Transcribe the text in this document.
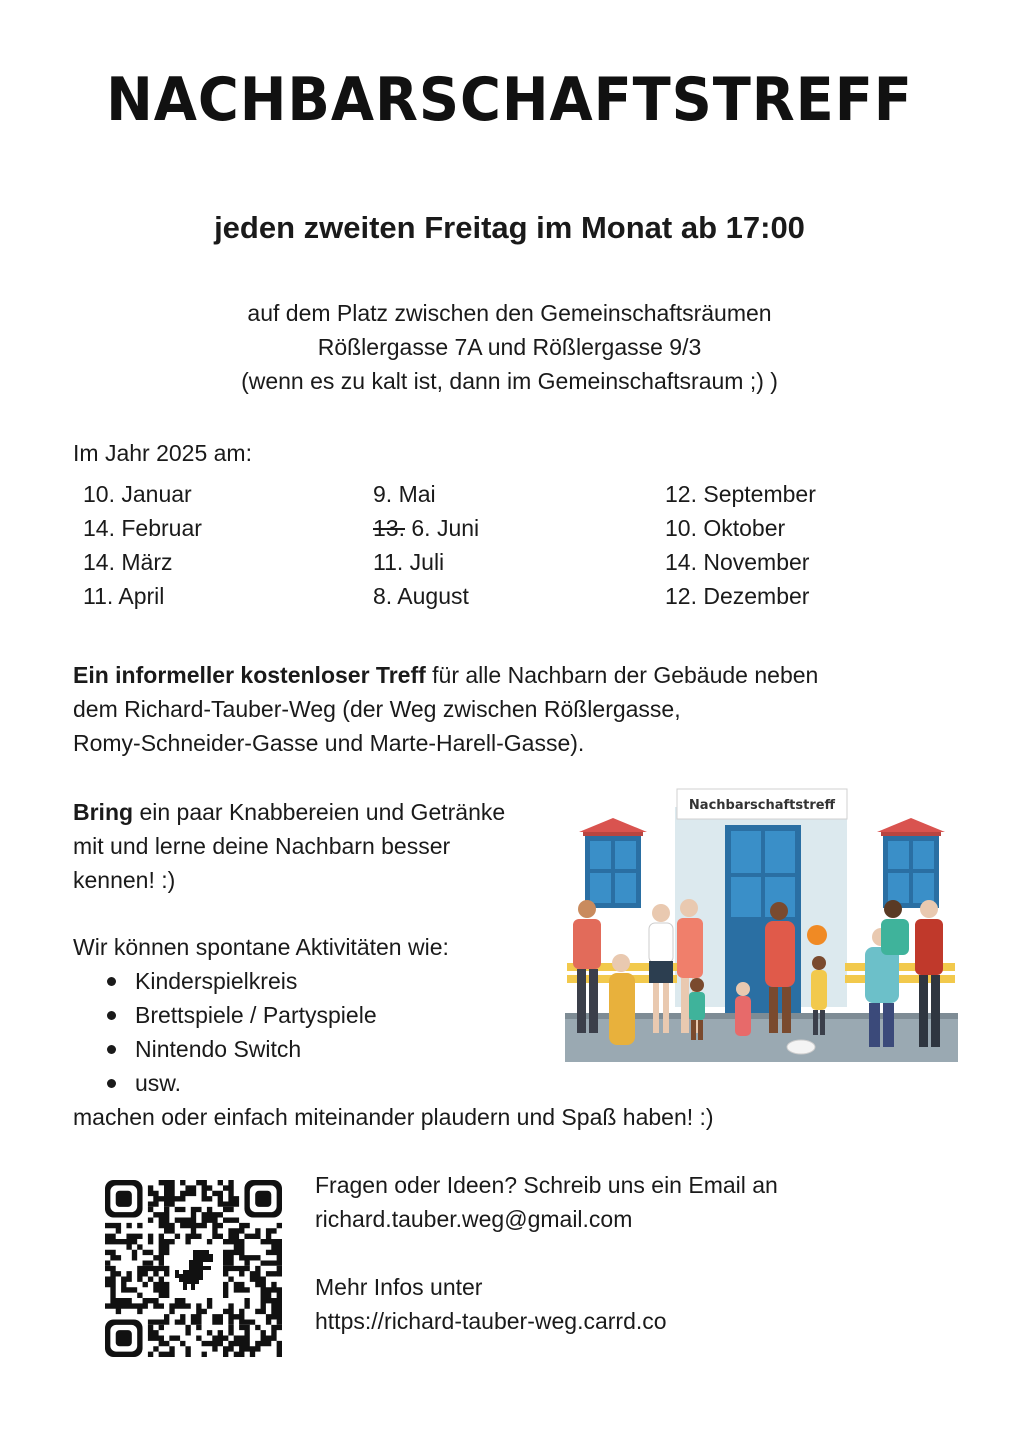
NACHBARSCHAFTSTREFF
jeden zweiten Freitag im Monat ab 17:00
auf dem Platz zwischen den Gemeinschaftsräumen
Rößlergasse 7A und Rößlergasse 9/3
(wenn es zu kalt ist, dann im Gemeinschaftsraum ;) )
Im Jahr 2025 am:
10. Januar
14. Februar
14. März
11. April
9. Mai
13. 6. Juni
11. Juli
8. August
12. September
10. Oktober
14. November
12. Dezember
Ein informeller kostenloser Treff für alle Nachbarn der Gebäude neben
dem Richard-Tauber-Weg (der Weg zwischen Rößlergasse,
Romy-Schneider-Gasse und Marte-Harell-Gasse).
Bring ein paar Knabbereien und Getränke
mit und lerne deine Nachbarn besser
kennen! :)
Wir können spontane Aktivitäten wie:
Kinderspielkreis
Brettspiele / Partyspiele
Nintendo Switch
usw.
machen oder einfach miteinander plaudern und Spaß haben! :)
Nachbarschaftstreff
Fragen oder Ideen? Schreib uns ein Email an
richard.tauber.weg@gmail.com
Mehr Infos unter
https://richard-tauber-weg.carrd.co
